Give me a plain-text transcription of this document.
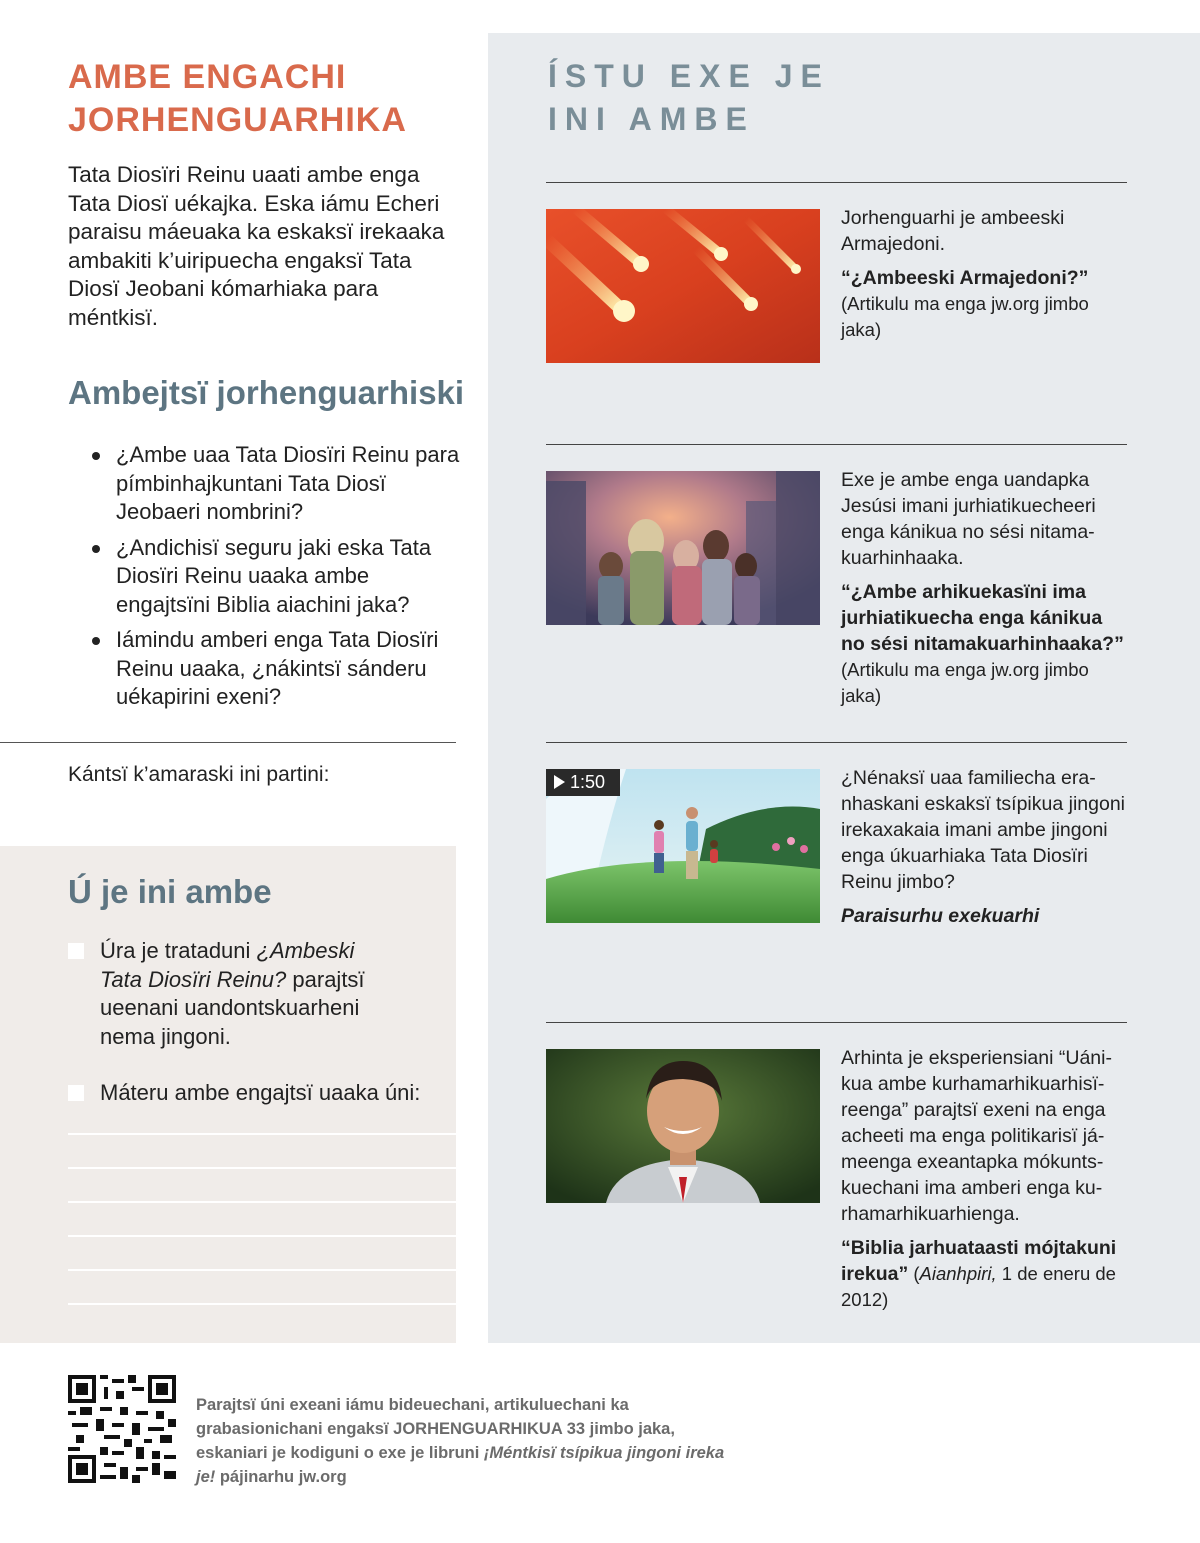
AMBE ENGACHI JORHENGUARHIKA
Tata Diosïri Reinu uaati ambe enga Tata Diosï uékajka. Eska iámu Echeri paraisu máeuaka ka eskaksï irekaaka ambakiti k’uiripuecha engaksï Tata Diosï Jeobani kómarhiaka para méntkisï.
Ambejtsï jorhenguarhiski
¿Ambe uaa Tata Diosïri Reinu para pímbinhajkuntani Tata Diosï Jeobaeri nombrini?
¿Andichisï seguru jaki eska Tata Diosïri Reinu uaaka ambe engajtsïni Biblia aiachini jaka?
Iámindu amberi enga Tata Diosïri Reinu uaaka, ¿nákintsï sánderu uékapirini exeni?
Kántsï k’amaraski ini partini:
Ú je ini ambe
Úra je trataduni ¿Ambeski Tata Diosïri Reinu? parajtsï ueenani uandontskuarheni nema jingoni.
Máteru ambe engajtsï uaaka úni:
ÍSTU EXE JE
INI AMBE
Jorhenguarhi je ambeeski Armajedoni.
“¿Ambeeski Armajedoni?”
(Artikulu ma enga jw.org jimbo jaka)
Exe je ambe enga uandapka Jesúsi imani jurhiatikuecheeri enga kánikua no sési nitamakuarhinhaaka.
“¿Ambe arhikuekasïni ima jurhiatikuecha enga kánikua no sési nitamakuarhinhaaka?”
(Artikulu ma enga jw.org jimbo jaka)
1:50	¿Nénaksï uaa familiecha eranhaskani eskaksï tsípikua jingoni irekaxakaia imani ambe jingoni enga úkuarhiaka Tata Diosïri Reinu jimbo?
Paraisurhu exekuarhi
Arhinta je eksperiensiani “Uánikua ambe kurhamarhikuarhisïreenga” parajtsï exeni na enga acheeti ma enga politikarisï jámeenga exeantapka mókuntskuechani ima amberi enga kurhamarhikuarhienga.
“Biblia jarhuataasti mójtakuni irekua” (Aianhpiri, 1 de eneru de 2012)
Parajtsï úni exeani iámu bideuechani, artikuluechani ka grabasionichani engaksï JORHENGUARHIKUA 33 jimbo jaka, eskaniari je kodiguni o exe je libruni ¡Méntkisï tsípikua jingoni ireka je! pájinarhu jw.org
